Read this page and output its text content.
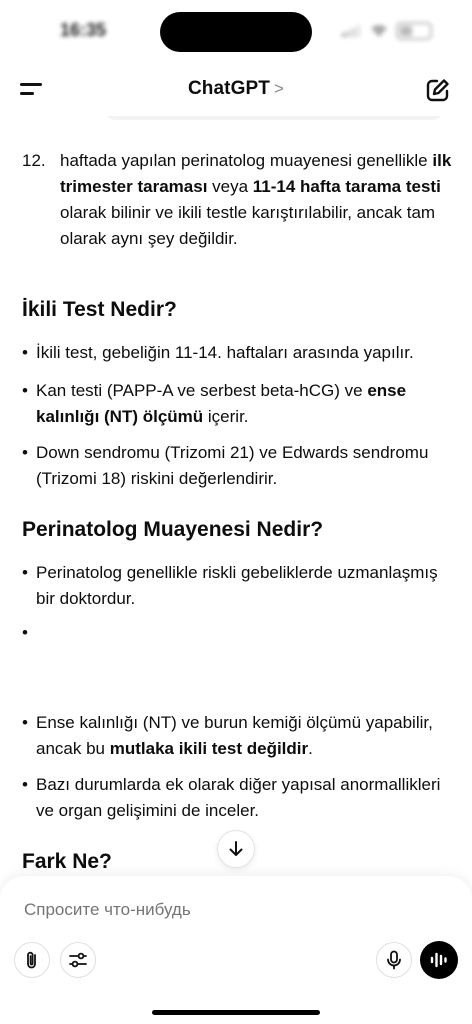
16:35
ChatGPT >
12. haftada yapılan perinatolog muayenesi genellikle ilk trimester taraması veya 11-14 hafta tarama testi olarak bilinir ve ikili testle karıştırılabilir, ancak tam olarak aynı şey değildir.
İkili Test Nedir?
• İkili test, gebeliğin 11-14. haftaları arasında yapılır.
• Kan testi (PAPP-A ve serbest beta-hCG) ve ense kalınlığı (NT) ölçümü içerir.
• Down sendromu (Trizomi 21) ve Edwards sendromu (Trizomi 18) riskini değerlendirir.
Perinatolog Muayenesi Nedir?
• Perinatolog genellikle riskli gebeliklerde uzmanlaşmış bir doktordur.
•
• Ense kalınlığı (NT) ve burun kemiği ölçümü yapabilir, ancak bu mutlaka ikili test değildir.
• Bazı durumlarda ek olarak diğer yapısal anormallikleri ve organ gelişimini de inceler.
Fark Ne?
Спросите что-нибудь
